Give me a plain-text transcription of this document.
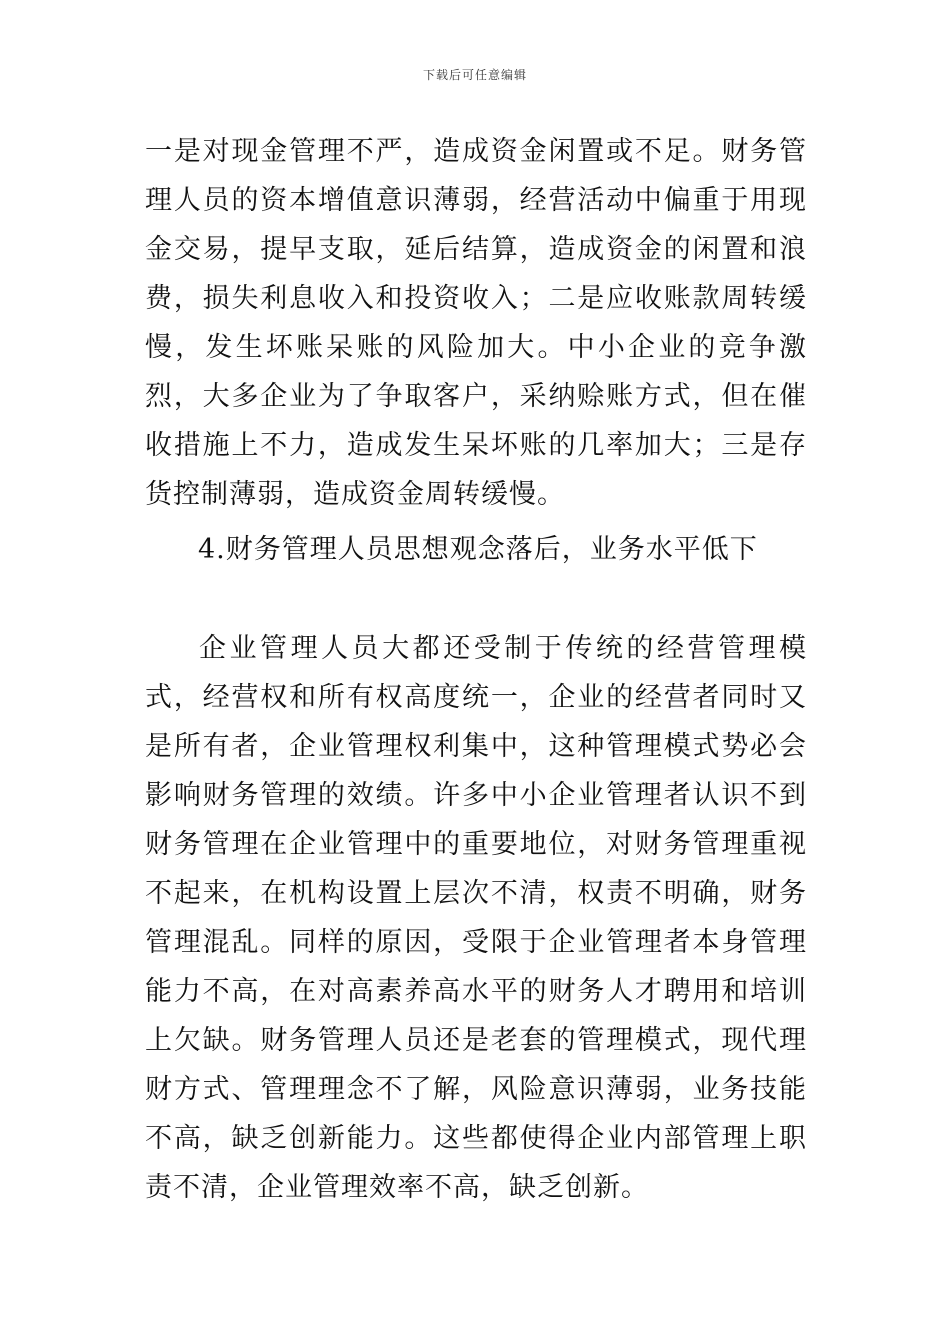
下载后可任意编辑

一是对现金管理不严，造成资金闲置或不足。财务管理人员的资本增值意识薄弱，经营活动中偏重于用现金交易，提早支取，延后结算，造成资金的闲置和浪费，损失利息收入和投资收入；二是应收账款周转缓慢，发生坏账呆账的风险加大。中小企业的竞争激烈，大多企业为了争取客户，采纳赊账方式，但在催收措施上不力，造成发生呆坏账的几率加大；三是存货控制薄弱，造成资金周转缓慢。

4.财务管理人员思想观念落后，业务水平低下

企业管理人员大都还受制于传统的经营管理模式，经营权和所有权高度统一，企业的经营者同时又是所有者，企业管理权利集中，这种管理模式势必会影响财务管理的效绩。许多中小企业管理者认识不到财务管理在企业管理中的重要地位，对财务管理重视不起来，在机构设置上层次不清，权责不明确，财务管理混乱。同样的原因，受限于企业管理者本身管理能力不高，在对高素养高水平的财务人才聘用和培训上欠缺。财务管理人员还是老套的管理模式，现代理财方式、管理理念不了解，风险意识薄弱，业务技能不高，缺乏创新能力。这些都使得企业内部管理上职责不清，企业管理效率不高，缺乏创新。
